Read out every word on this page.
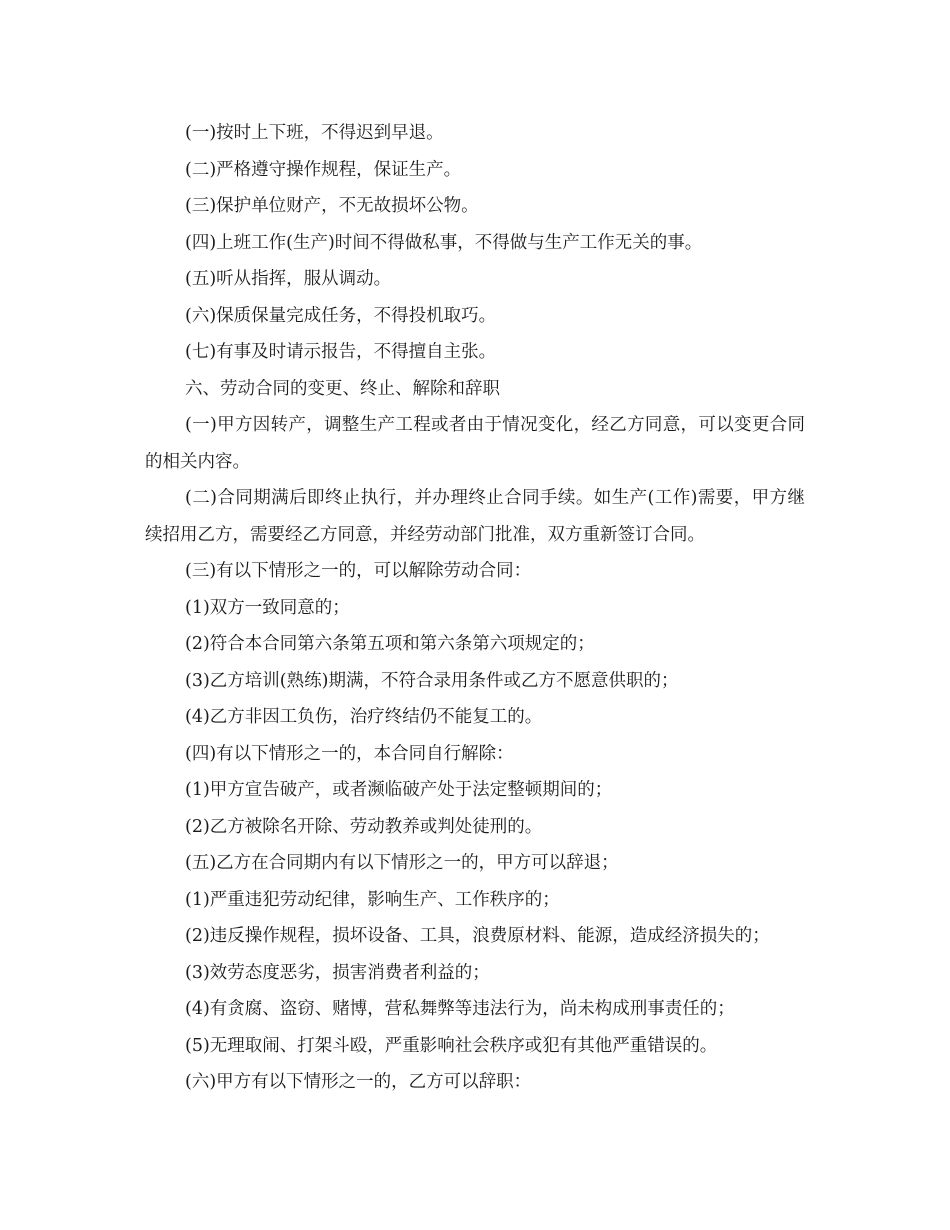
(一)按时上下班，不得迟到早退。

(二)严格遵守操作规程，保证生产。

(三)保护单位财产，不无故损坏公物。

(四)上班工作(生产)时间不得做私事，不得做与生产工作无关的事。

(五)听从指挥，服从调动。

(六)保质保量完成任务，不得投机取巧。

(七)有事及时请示报告，不得擅自主张。

六、劳动合同的变更、终止、解除和辞职

(一)甲方因转产，调整生产工程或者由于情况变化，经乙方同意，可以变更合同的相关内容。

(二)合同期满后即终止执行，并办理终止合同手续。如生产(工作)需要，甲方继续招用乙方，需要经乙方同意，并经劳动部门批准，双方重新签订合同。

(三)有以下情形之一的，可以解除劳动合同：

(1)双方一致同意的；

(2)符合本合同第六条第五项和第六条第六项规定的；

(3)乙方培训(熟练)期满，不符合录用条件或乙方不愿意供职的；

(4)乙方非因工负伤，治疗终结仍不能复工的。

(四)有以下情形之一的，本合同自行解除：

(1)甲方宣告破产，或者濒临破产处于法定整顿期间的；

(2)乙方被除名开除、劳动教养或判处徒刑的。

(五)乙方在合同期内有以下情形之一的，甲方可以辞退；

(1)严重违犯劳动纪律，影响生产、工作秩序的；

(2)违反操作规程，损坏设备、工具，浪费原材料、能源，造成经济损失的；

(3)效劳态度恶劣，损害消费者利益的；

(4)有贪腐、盗窃、赌博，营私舞弊等违法行为，尚未构成刑事责任的；

(5)无理取闹、打架斗殴，严重影响社会秩序或犯有其他严重错误的。

(六)甲方有以下情形之一的，乙方可以辞职：
